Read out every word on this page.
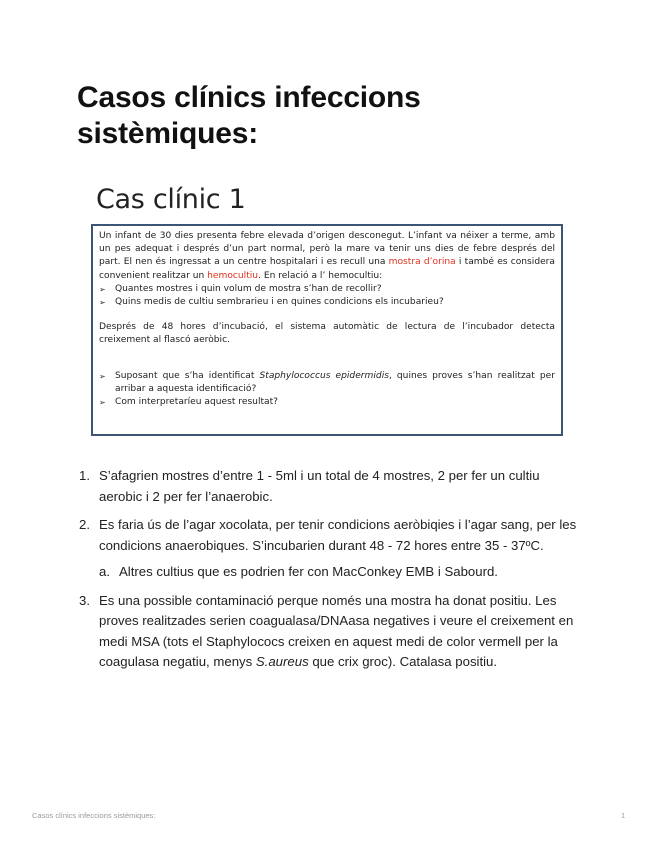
Casos clínics infeccions sistèmiques:
Cas clínic 1

Un infant de 30 dies presenta febre elevada d’origen desconegut. L’infant va néixer a terme, amb un pes adequat i després d’un part normal, però la mare va tenir uns dies de febre després del part. El nen és ingressat a un centre hospitalari i es recull una mostra d’orina i també es considera convenient realitzar un hemocultiu. En relació a l’ hemocultiu:

➢	Quantes mostres i quin volum de mostra s’han de recollir?
➢	Quins medis de cultiu sembrarieu i en quines condicions els incubarieu?

Després de 48 hores d’incubació, el sistema automàtic de lectura de l’incubador detecta creixement al flascó aeròbic.

➢	Suposant que s’ha identificat Staphylococcus epidermidis, quines proves s’han realitzat per arribar a aquesta identificació?
➢	Com interpretaríeu aquest resultat?
1. S’afagrien mostres d’entre 1 - 5ml i un total de 4 mostres, 2 per fer un cultiu aerobic i 2 per fer l’anaerobic.
2. Es faria ús de l’agar xocolata, per tenir condicions aeròbiqies i l’agar sang, per les condicions anaerobiques. S’incubarien durant 48 - 72 hores entre 35 - 37ºC.
a. Altres cultius que es podrien fer con MacConkey EMB i Sabourd.
3. Es una possible contaminació perque només una mostra ha donat positiu. Les proves realitzades serien coagualasa/DNAasa negatives i veure el creixement en medi MSA (tots el Staphylococs creixen en aquest medi de color vermell per la coagulasa negatiu, menys S.aureus que crix groc). Catalasa positiu.
Casos clínics infeccions sistèmiques:	1
